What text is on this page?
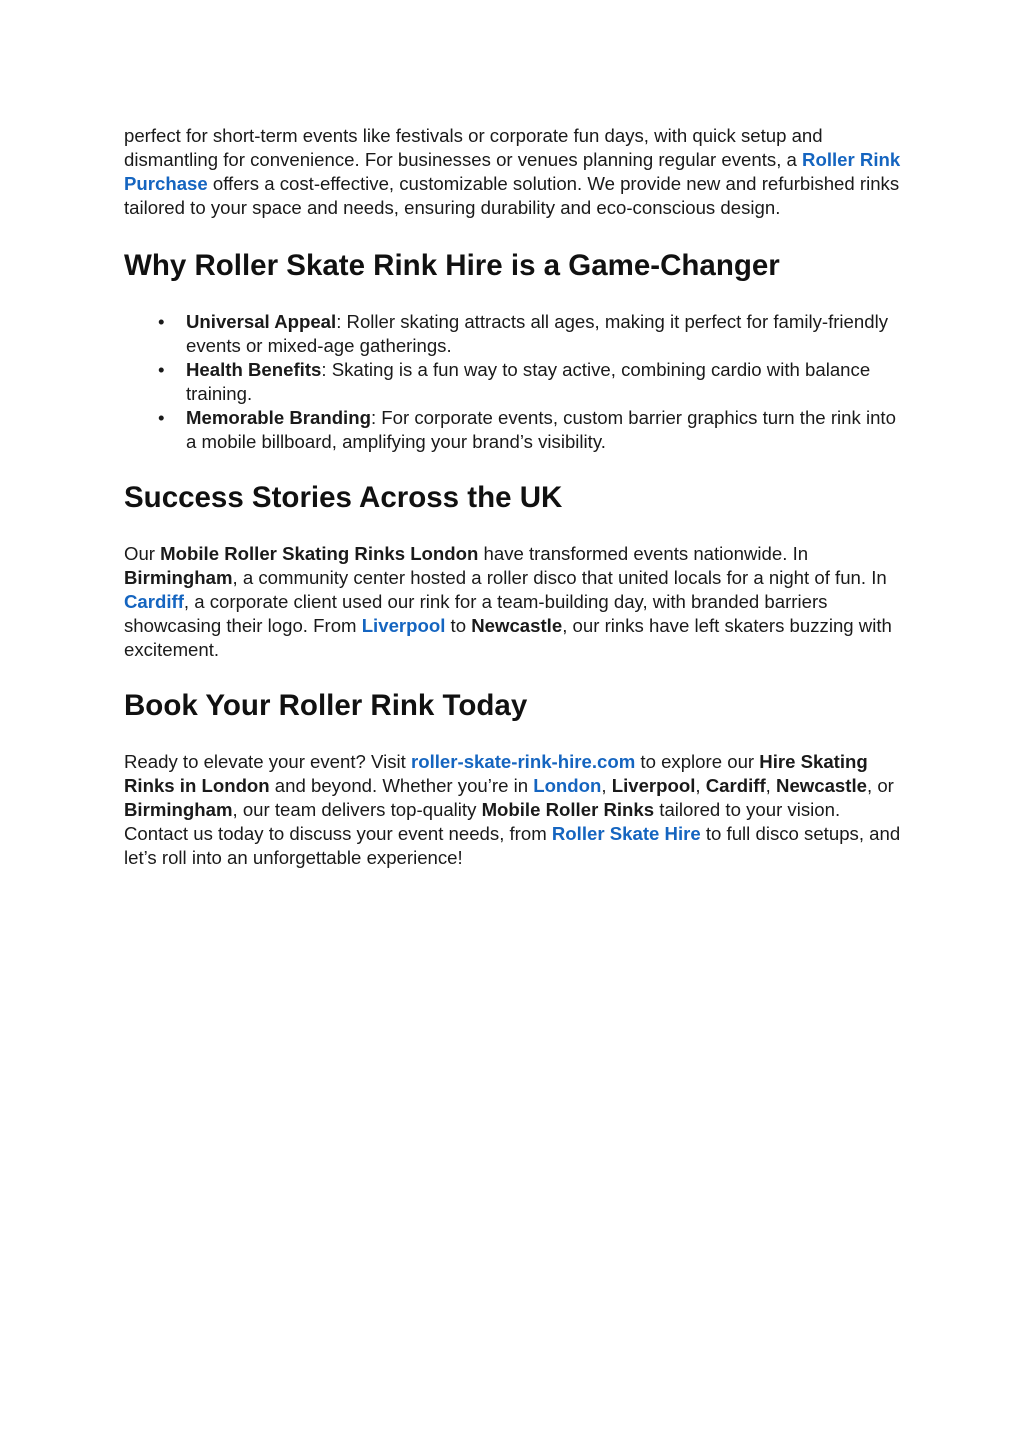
perfect for short-term events like festivals or corporate fun days, with quick setup and dismantling for convenience. For businesses or venues planning regular events, a Roller Rink Purchase offers a cost-effective, customizable solution. We provide new and refurbished rinks tailored to your space and needs, ensuring durability and eco-conscious design.

Why Roller Skate Rink Hire is a Game-Changer
• Universal Appeal: Roller skating attracts all ages, making it perfect for family-friendly events or mixed-age gatherings.
• Health Benefits: Skating is a fun way to stay active, combining cardio with balance training.
• Memorable Branding: For corporate events, custom barrier graphics turn the rink into a mobile billboard, amplifying your brand’s visibility.
Success Stories Across the UK

Our Mobile Roller Skating Rinks London have transformed events nationwide. In Birmingham, a community center hosted a roller disco that united locals for a night of fun. In Cardiff, a corporate client used our rink for a team-building day, with branded barriers showcasing their logo. From Liverpool to Newcastle, our rinks have left skaters buzzing with excitement.

Book Your Roller Rink Today

Ready to elevate your event? Visit roller-skate-rink-hire.com to explore our Hire Skating Rinks in London and beyond. Whether you’re in London, Liverpool, Cardiff, Newcastle, or Birmingham, our team delivers top-quality Mobile Roller Rinks tailored to your vision. Contact us today to discuss your event needs, from Roller Skate Hire to full disco setups, and let’s roll into an unforgettable experience!
